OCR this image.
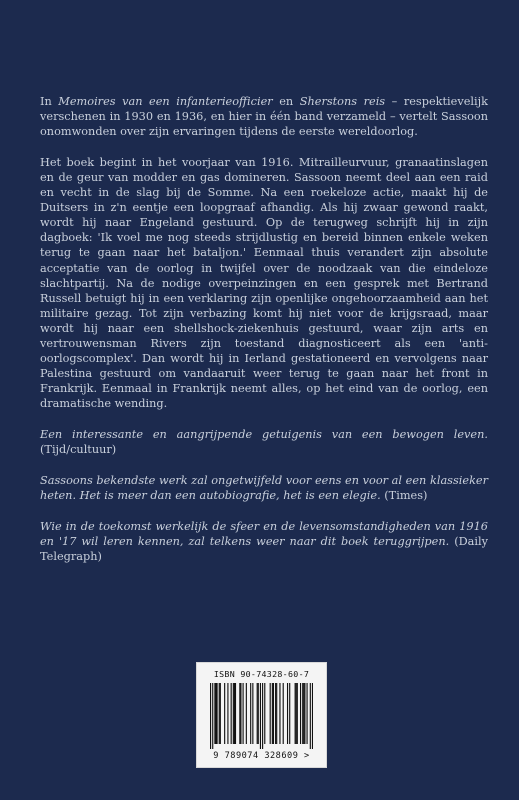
In Memoires van een infanterieofficier en Sherstons reis – respektievelijk verschenen in 1930 en 1936, en hier in één band verzameld – vertelt Sassoon onomwonden over zijn ervaringen tijdens de eerste wereldoorlog.

Het boek begint in het voorjaar van 1916. Mitrailleurvuur, granaatinslagen en de geur van modder en gas domineren. Sassoon neemt deel aan een raid en vecht in de slag bij de Somme. Na een roekeloze actie, maakt hij de Duitsers in z'n eentje een loopgraaf afhandig. Als hij zwaar gewond raakt, wordt hij naar Engeland gestuurd. Op de terugweg schrijft hij in zijn dagboek: 'Ik voel me nog steeds strijdlustig en bereid binnen enkele weken terug te gaan naar het bataljon.' Eenmaal thuis verandert zijn absolute acceptatie van de oorlog in twijfel over de noodzaak van die eindeloze slachtpartij. Na de nodige overpeinzingen en een gesprek met Bertrand Russell betuigt hij in een verklaring zijn openlijke ongehoorzaamheid aan het militaire gezag. Tot zijn verbazing komt hij niet voor de krijgsraad, maar wordt hij naar een shellshock-ziekenhuis gestuurd, waar zijn arts en vertrouwensman Rivers zijn toestand diagnosticeert als een 'anti-oorlogscomplex'. Dan wordt hij in Ierland gestationeerd en vervolgens naar Palestina gestuurd om vandaaruit weer terug te gaan naar het front in Frankrijk. Eenmaal in Frankrijk neemt alles, op het eind van de oorlog, een dramatische wending.

Een interessante en aangrijpende getuigenis van een bewogen leven. (Tijd/cultuur)

Sassoons bekendste werk zal ongetwijfeld voor eens en voor al een klassieker heten. Het is meer dan een autobiografie, het is een elegie. (Times)

Wie in de toekomst werkelijk de sfeer en de levensomstandigheden van 1916 en '17 wil leren kennen, zal telkens weer naar dit boek teruggrijpen. (Daily Telegraph)

ISBN 90-74328-60-7
9 789074 328609 >
